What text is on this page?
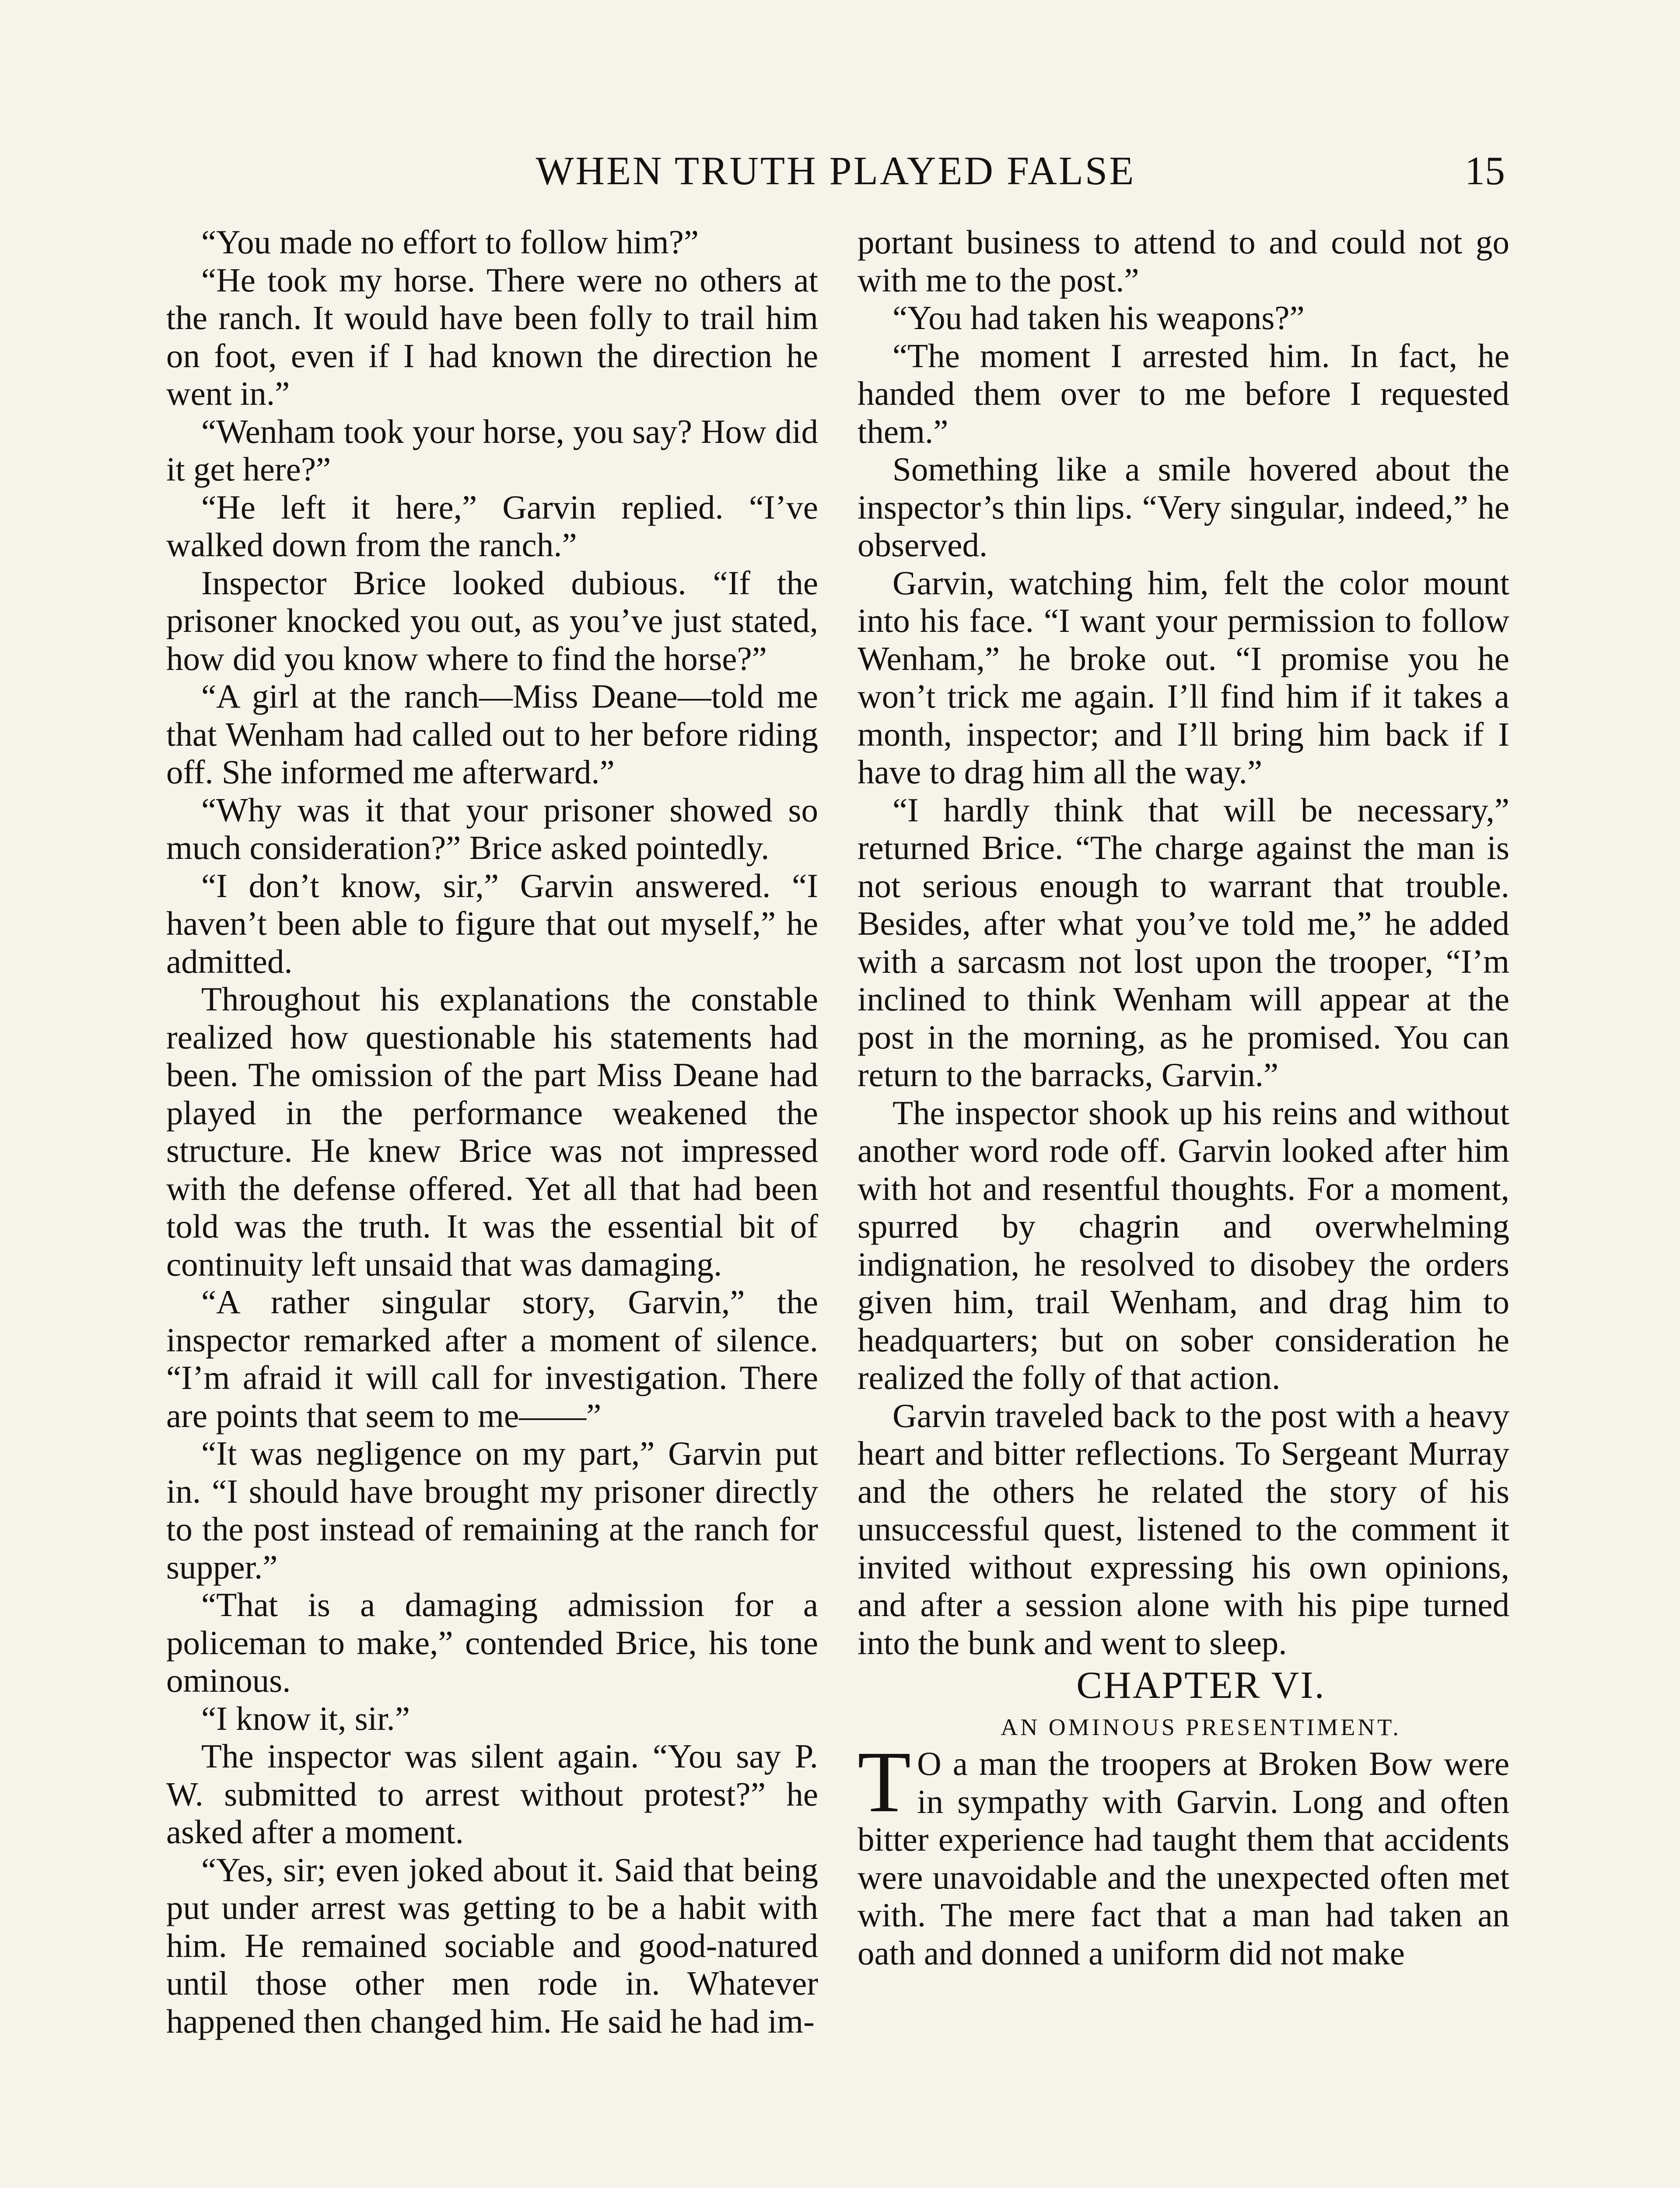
WHEN TRUTH PLAYED FALSE	15

“You made no effort to follow him?”

“He took my horse. There were no others at the ranch. It would have been folly to trail him on foot, even if I had known the direction he went in.”

“Wenham took your horse, you say? How did it get here?”

“He left it here,” Garvin replied. “I’ve walked down from the ranch.”

Inspector Brice looked dubious. “If the prisoner knocked you out, as you’ve just stated, how did you know where to find the horse?”

“A girl at the ranch—Miss Deane—told me that Wenham had called out to her before riding off. She informed me afterward.”

“Why was it that your prisoner showed so much consideration?” Brice asked pointedly.

“I don’t know, sir,” Garvin answered. “I haven’t been able to figure that out myself,” he admitted.

Throughout his explanations the constable realized how questionable his statements had been. The omission of the part Miss Deane had played in the performance weakened the structure. He knew Brice was not impressed with the defense offered. Yet all that had been told was the truth. It was the essential bit of continuity left unsaid that was damaging.

“A rather singular story, Garvin,” the inspector remarked after a moment of silence. “I’m afraid it will call for investigation. There are points that seem to me——”

“It was negligence on my part,” Garvin put in. “I should have brought my prisoner directly to the post instead of remaining at the ranch for supper.”

“That is a damaging admission for a policeman to make,” contended Brice, his tone ominous.

“I know it, sir.”

The inspector was silent again. “You say P. W. submitted to arrest without protest?” he asked after a moment.

“Yes, sir; even joked about it. Said that being put under arrest was getting to be a habit with him. He remained sociable and good-natured until those other men rode in. Whatever happened then changed him. He said he had im-

portant business to attend to and could not go with me to the post.”

“You had taken his weapons?”

“The moment I arrested him. In fact, he handed them over to me before I requested them.”

Something like a smile hovered about the inspector’s thin lips. “Very singular, indeed,” he observed.

Garvin, watching him, felt the color mount into his face. “I want your permission to follow Wenham,” he broke out. “I promise you he won’t trick me again. I’ll find him if it takes a month, inspector; and I’ll bring him back if I have to drag him all the way.”

“I hardly think that will be necessary,” returned Brice. “The charge against the man is not serious enough to warrant that trouble. Besides, after what you’ve told me,” he added with a sarcasm not lost upon the trooper, “I’m inclined to think Wenham will appear at the post in the morning, as he promised. You can return to the barracks, Garvin.”

The inspector shook up his reins and without another word rode off. Garvin looked after him with hot and resentful thoughts. For a moment, spurred by chagrin and overwhelming indignation, he resolved to disobey the orders given him, trail Wenham, and drag him to headquarters; but on sober consideration he realized the folly of that action.

Garvin traveled back to the post with a heavy heart and bitter reflections. To Sergeant Murray and the others he related the story of his unsuccessful quest, listened to the comment it invited without expressing his own opinions, and after a session alone with his pipe turned into the bunk and went to sleep.

CHAPTER VI.

AN OMINOUS PRESENTIMENT.

T O a man the troopers at Broken Bow were in sympathy with Garvin. Long and often bitter experience had taught them that accidents were unavoidable and the unexpected often met with. The mere fact that a man had taken an oath and donned a uniform did not make
